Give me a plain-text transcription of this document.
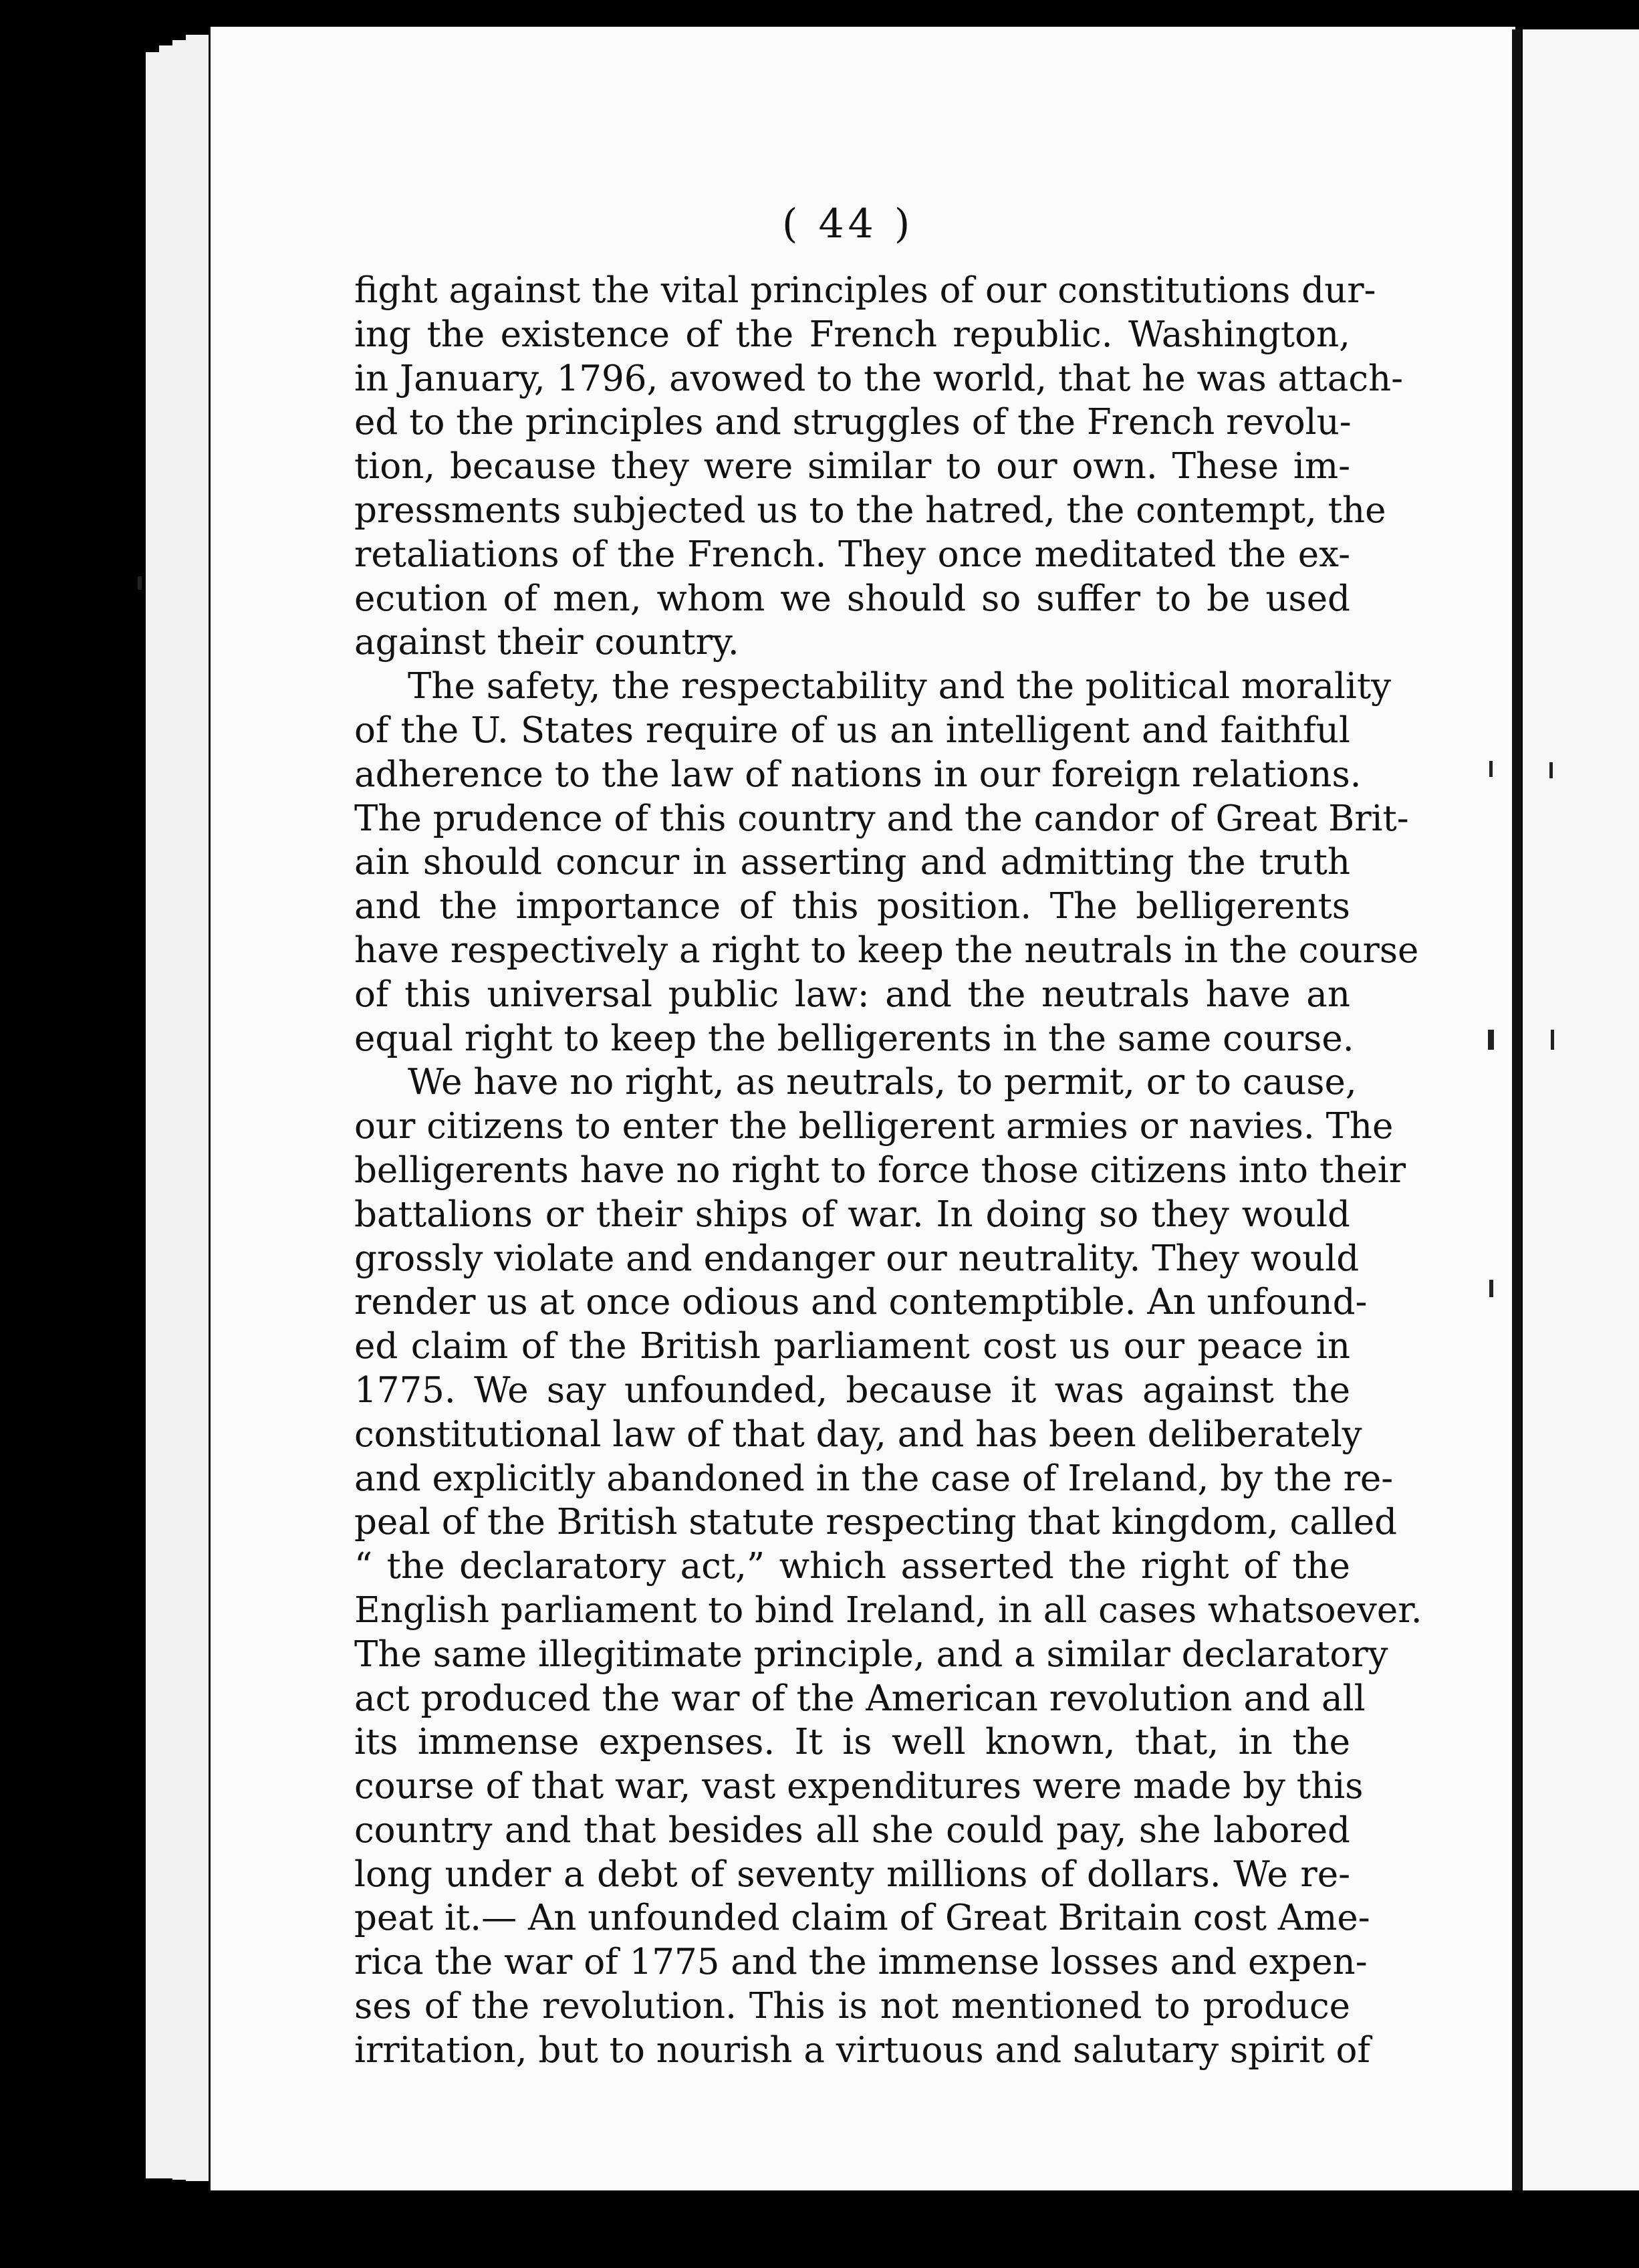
( 44 )
fight against the vital principles of our constitutions dur-
ing the existence of the French republic. Washington,
in January, 1796, avowed to the world, that he was attach-
ed to the principles and struggles of the French revolu-
tion, because they were similar to our own. These im-
pressments subjected us to the hatred, the contempt, the
retaliations of the French. They once meditated the ex-
ecution of men, whom we should so suffer to be used
against their country.
The safety, the respectability and the political morality
of the U. States require of us an intelligent and faithful
adherence to the law of nations in our foreign relations.
The prudence of this country and the candor of Great Brit-
ain should concur in asserting and admitting the truth
and the importance of this position. The belligerents
have respectively a right to keep the neutrals in the course
of this universal public law: and the neutrals have an
equal right to keep the belligerents in the same course.
We have no right, as neutrals, to permit, or to cause,
our citizens to enter the belligerent armies or navies. The
belligerents have no right to force those citizens into their
battalions or their ships of war. In doing so they would
grossly violate and endanger our neutrality. They would
render us at once odious and contemptible. An unfound-
ed claim of the British parliament cost us our peace in
1775. We say unfounded, because it was against the
constitutional law of that day, and has been deliberately
and explicitly abandoned in the case of Ireland, by the re-
peal of the British statute respecting that kingdom, called
“ the declaratory act,” which asserted the right of the
English parliament to bind Ireland, in all cases whatsoever.
The same illegitimate principle, and a similar declaratory
act produced the war of the American revolution and all
its immense expenses. It is well known, that, in the
course of that war, vast expenditures were made by this
country and that besides all she could pay, she labored
long under a debt of seventy millions of dollars. We re-
peat it.— An unfounded claim of Great Britain cost Ame-
rica the war of 1775 and the immense losses and expen-
ses of the revolution. This is not mentioned to produce
irritation, but to nourish a virtuous and salutary spirit of
